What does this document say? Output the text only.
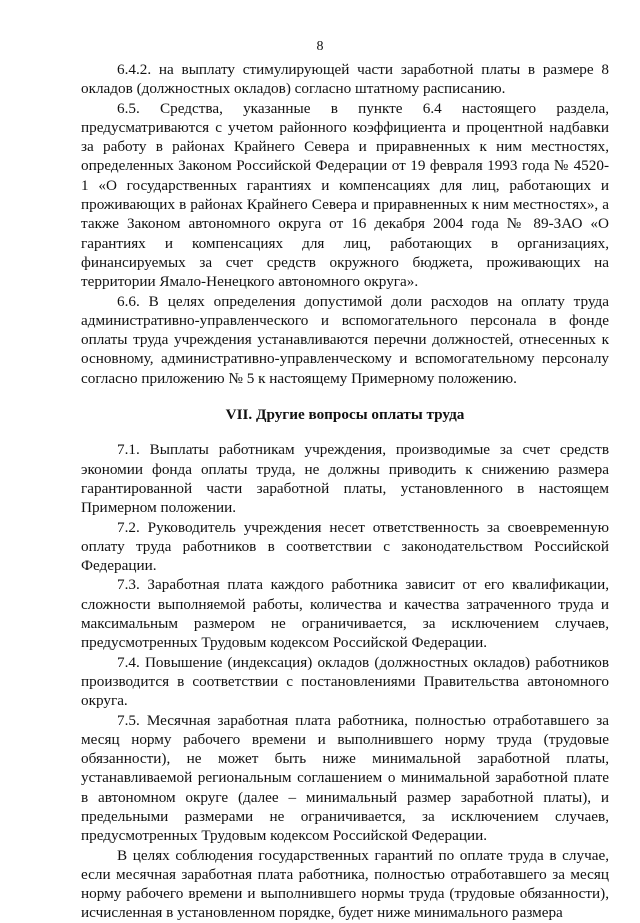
8

6.4.2. на выплату стимулирующей части заработной платы в размере 8 окладов (должностных окладов) согласно штатному расписанию.

6.5. Средства, указанные в пункте 6.4 настоящего раздела, предусматриваются с учетом районного коэффициента и процентной надбавки за работу в районах Крайнего Севера и приравненных к ним местностях, определенных Законом Российской Федерации от 19 февраля 1993 года № 4520-1 «О государственных гарантиях и компенсациях для лиц, работающих и проживающих в районах Крайнего Севера и приравненных к ним местностях», а также Законом автономного округа от 16 декабря 2004 года № 89-ЗАО «О гарантиях и компенсациях для лиц, работающих в организациях, финансируемых за счет средств окружного бюджета, проживающих на территории Ямало-Ненецкого автономного округа».

6.6. В целях определения допустимой доли расходов на оплату труда административно-управленческого и вспомогательного персонала в фонде оплаты труда учреждения устанавливаются перечни должностей, отнесенных к основному, административно-управленческому и вспомогательному персоналу согласно приложению № 5 к настоящему Примерному положению.

VII. Другие вопросы оплаты труда

7.1. Выплаты работникам учреждения, производимые за счет средств экономии фонда оплаты труда, не должны приводить к снижению размера гарантированной части заработной платы, установленного в настоящем Примерном положении.

7.2. Руководитель учреждения несет ответственность за своевременную оплату труда работников в соответствии с законодательством Российской Федерации.

7.3. Заработная плата каждого работника зависит от его квалификации, сложности выполняемой работы, количества и качества затраченного труда и максимальным размером не ограничивается, за исключением случаев, предусмотренных Трудовым кодексом Российской Федерации.

7.4. Повышение (индексация) окладов (должностных окладов) работников производится в соответствии с постановлениями Правительства автономного округа.

7.5. Месячная заработная плата работника, полностью отработавшего за месяц норму рабочего времени и выполнившего норму труда (трудовые обязанности), не может быть ниже минимальной заработной платы, устанавливаемой региональным соглашением о минимальной заработной плате в автономном округе (далее – минимальный размер заработной платы), и предельными размерами не ограничивается, за исключением случаев, предусмотренных Трудовым кодексом Российской Федерации.

В целях соблюдения государственных гарантий по оплате труда в случае, если месячная заработная плата работника, полностью отработавшего за месяц норму рабочего времени и выполнившего нормы труда (трудовые обязанности), исчисленная в установленном порядке, будет ниже минимального размера
